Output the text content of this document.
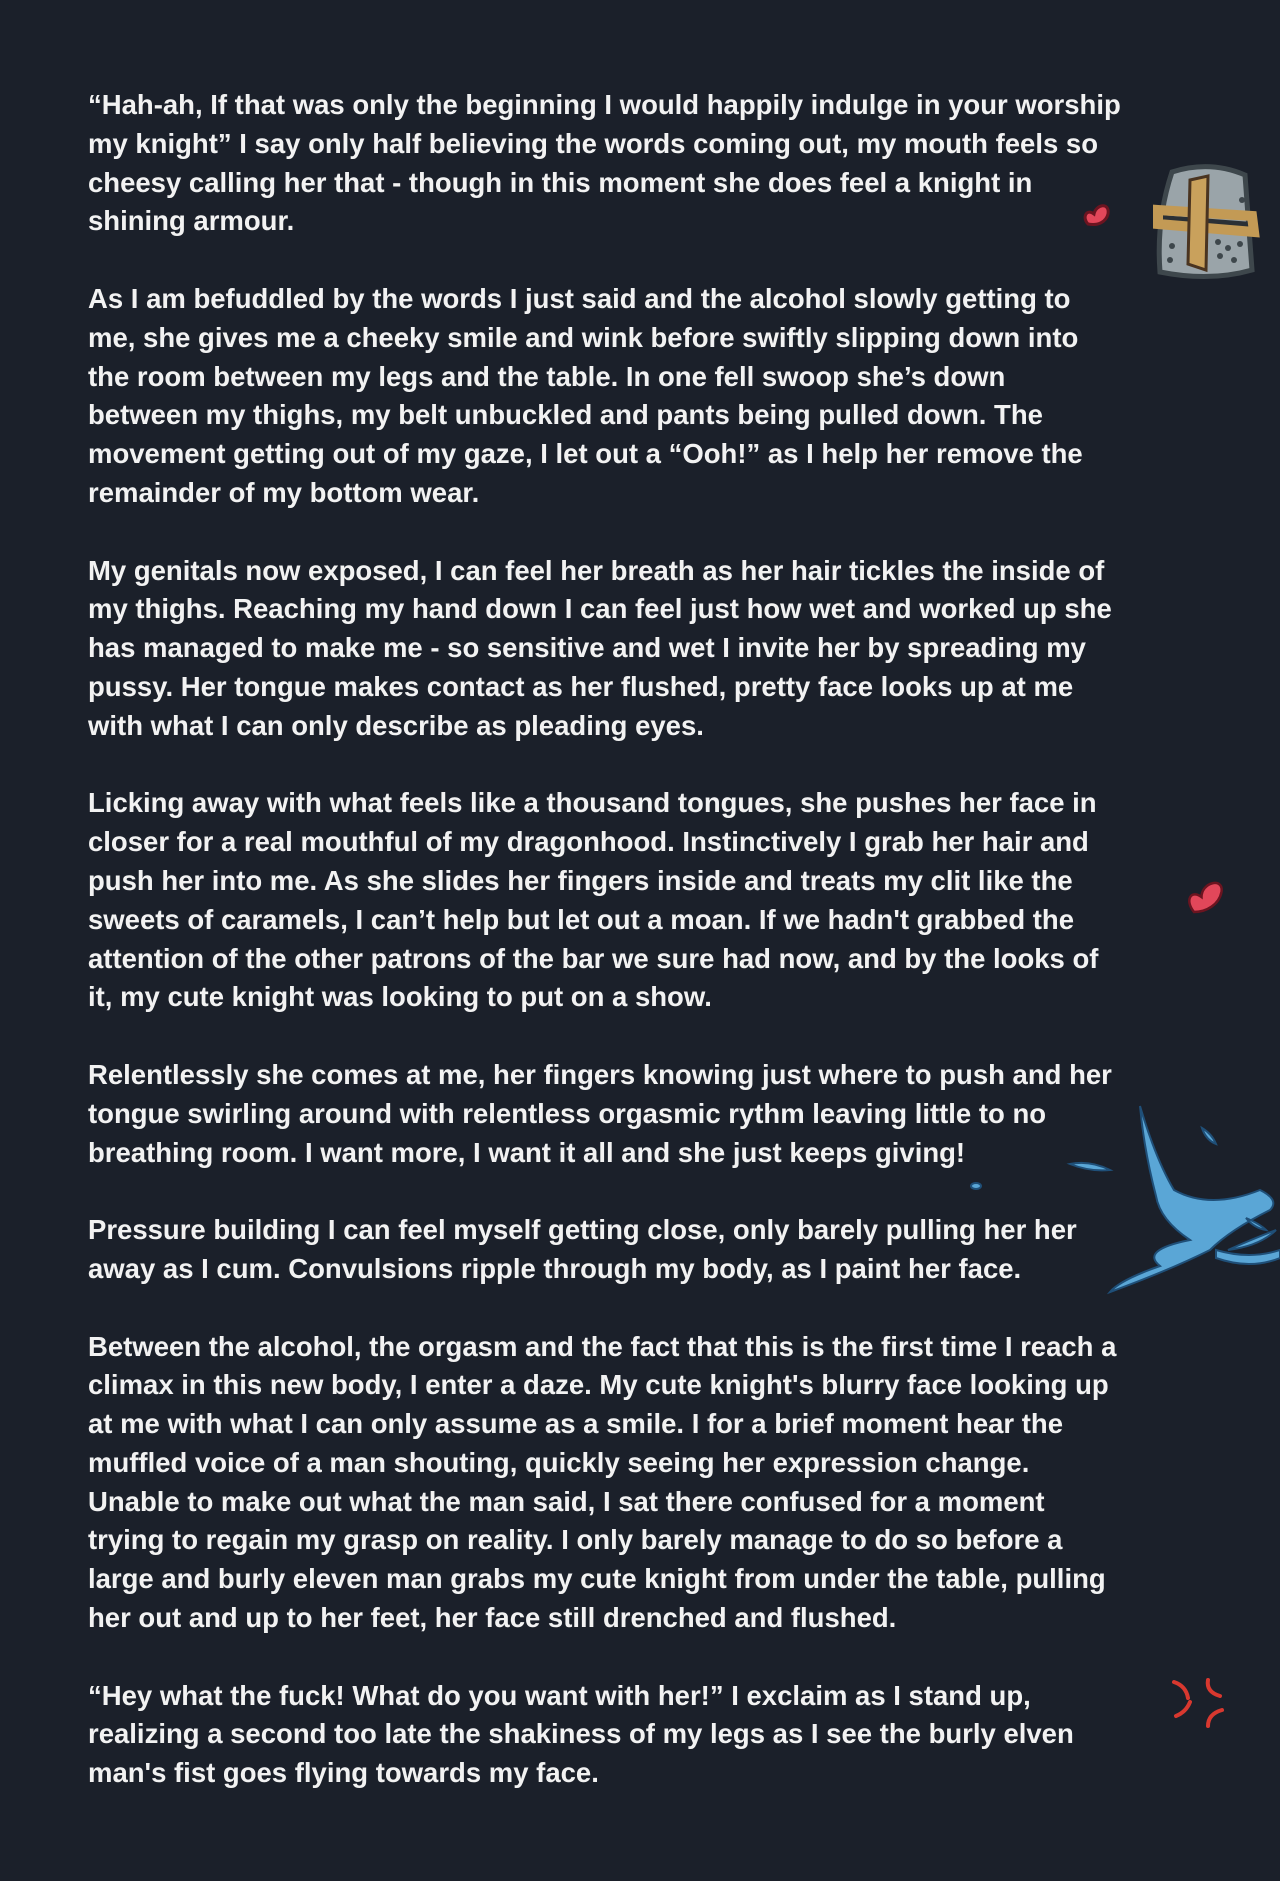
“Hah-ah, If that was only the beginning I would happily indulge in your worship
my knight” I say only half believing the words coming out, my mouth feels so
cheesy calling her that - though in this moment she does feel a knight in
shining armour.

As I am befuddled by the words I just said and the alcohol slowly getting to
me, she gives me a cheeky smile and wink before swiftly slipping down into
the room between my legs and the table. In one fell swoop she’s down
between my thighs, my belt unbuckled and pants being pulled down. The
movement getting out of my gaze, I let out a “Ooh!” as I help her remove the
remainder of my bottom wear.

My genitals now exposed, I can feel her breath as her hair tickles the inside of
my thighs. Reaching my hand down I can feel just how wet and worked up she
has managed to make me - so sensitive and wet I invite her by spreading my
pussy. Her tongue makes contact as her flushed, pretty face looks up at me
with what I can only describe as pleading eyes.

Licking away with what feels like a thousand tongues, she pushes her face in
closer for a real mouthful of my dragonhood. Instinctively I grab her hair and
push her into me. As she slides her fingers inside and treats my clit like the
sweets of caramels, I can’t help but let out a moan. If we hadn't grabbed the
attention of the other patrons of the bar we sure had now, and by the looks of
it, my cute knight was looking to put on a show.

Relentlessly she comes at me, her fingers knowing just where to push and her
tongue swirling around with relentless orgasmic rythm leaving little to no
breathing room. I want more, I want it all and she just keeps giving!

Pressure building I can feel myself getting close, only barely pulling her her
away as I cum. Convulsions ripple through my body, as I paint her face.

Between the alcohol, the orgasm and the fact that this is the first time I reach a
climax in this new body, I enter a daze. My cute knight's blurry face looking up
at me with what I can only assume as a smile. I for a brief moment hear the
muffled voice of a man shouting, quickly seeing her expression change.
Unable to make out what the man said, I sat there confused for a moment
trying to regain my grasp on reality. I only barely manage to do so before a
large and burly eleven man grabs my cute knight from under the table, pulling
her out and up to her feet, her face still drenched and flushed.

“Hey what the fuck! What do you want with her!” I exclaim as I stand up,
realizing a second too late the shakiness of my legs as I see the burly elven
man's fist goes flying towards my face.
